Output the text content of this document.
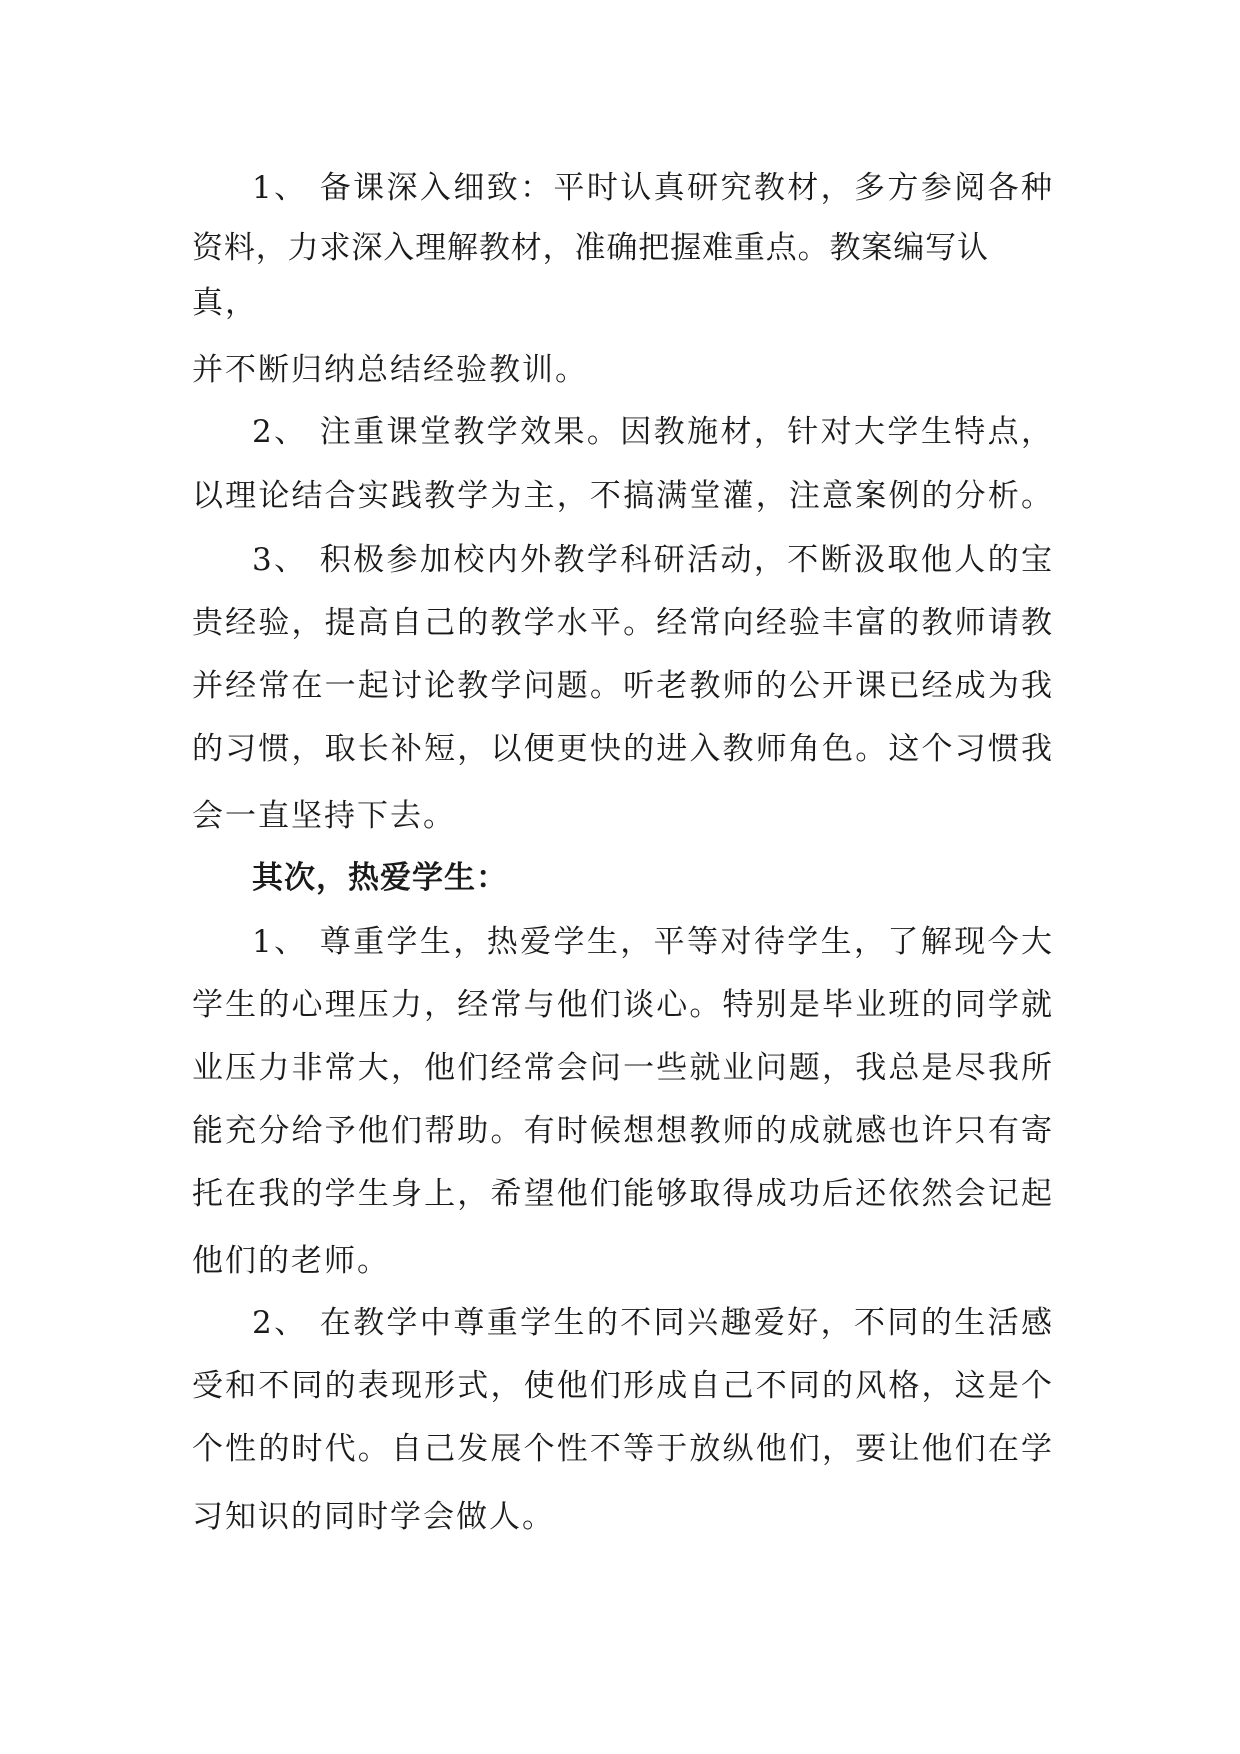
1、 备课深入细致：平时认真研究教材，多方参阅各种
资料，力求深入理解教材，准确把握难重点。教案编写认
真，
并不断归纳总结经验教训。
2、 注重课堂教学效果。因教施材，针对大学生特点，
以理论结合实践教学为主，不搞满堂灌，注意案例的分析。
3、 积极参加校内外教学科研活动，不断汲取他人的宝
贵经验，提高自己的教学水平。经常向经验丰富的教师请教
并经常在一起讨论教学问题。听老教师的公开课已经成为我
的习惯，取长补短，以便更快的进入教师角色。这个习惯我
会一直坚持下去。
其次，热爱学生：
1、 尊重学生，热爱学生，平等对待学生，了解现今大
学生的心理压力，经常与他们谈心。特别是毕业班的同学就
业压力非常大，他们经常会问一些就业问题，我总是尽我所
能充分给予他们帮助。有时候想想教师的成就感也许只有寄
托在我的学生身上，希望他们能够取得成功后还依然会记起
他们的老师。
2、 在教学中尊重学生的不同兴趣爱好，不同的生活感
受和不同的表现形式，使他们形成自己不同的风格，这是个
个性的时代。自己发展个性不等于放纵他们，要让他们在学
习知识的同时学会做人。
